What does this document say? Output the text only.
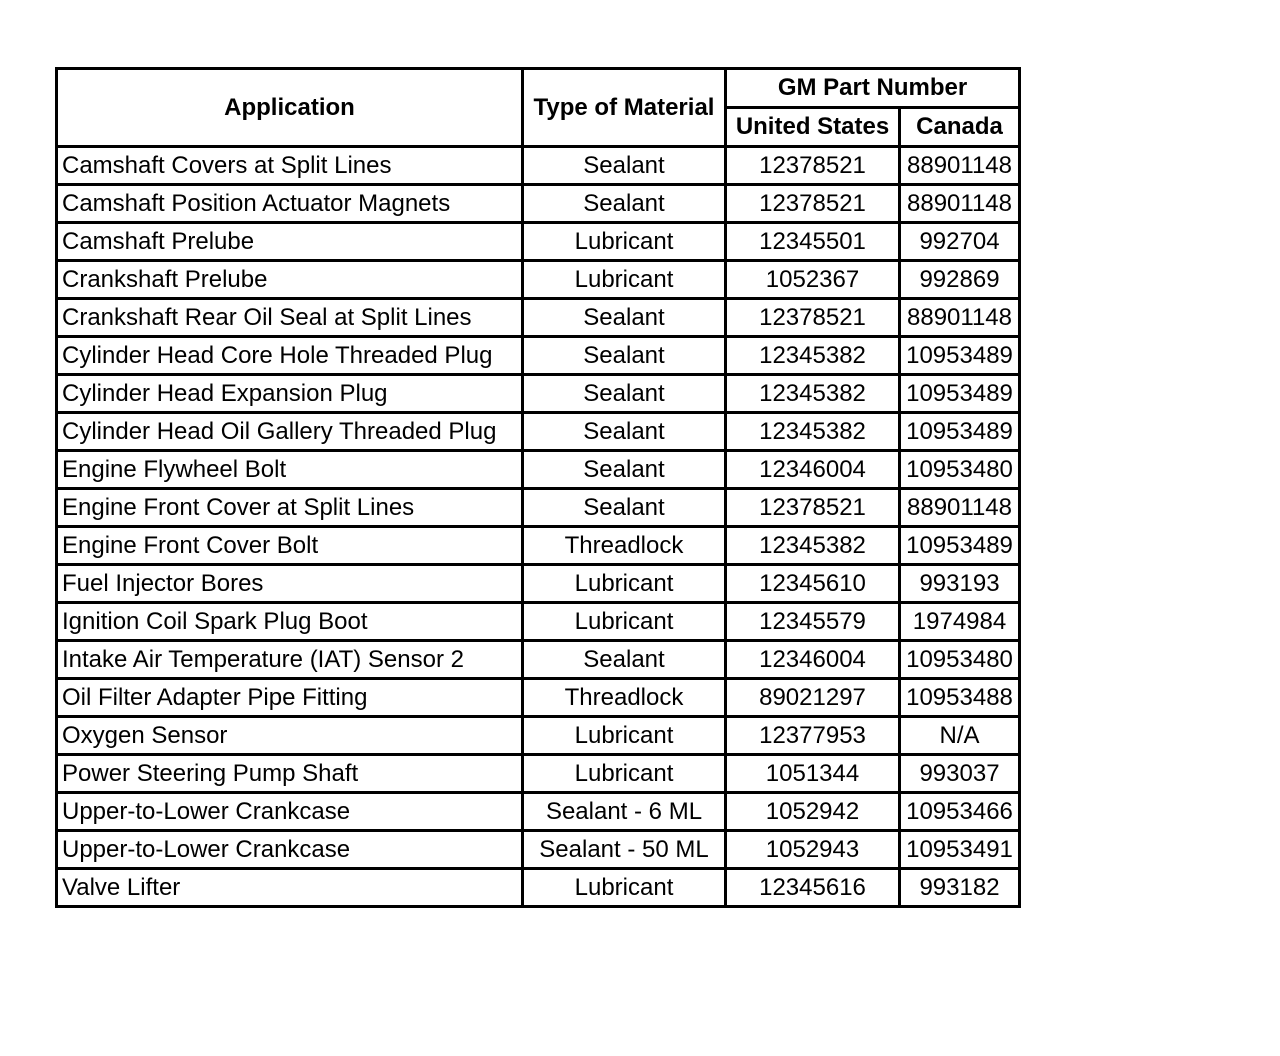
Application	Type of Material	GM Part Number	
		United States	Canada
Camshaft Covers at Split Lines	Sealant	12378521	88901148
Camshaft Position Actuator Magnets	Sealant	12378521	88901148
Camshaft Prelube	Lubricant	12345501	992704
Crankshaft Prelube	Lubricant	1052367	992869
Crankshaft Rear Oil Seal at Split Lines	Sealant	12378521	88901148
Cylinder Head Core Hole Threaded Plug	Sealant	12345382	10953489
Cylinder Head Expansion Plug	Sealant	12345382	10953489
Cylinder Head Oil Gallery Threaded Plug	Sealant	12345382	10953489
Engine Flywheel Bolt	Sealant	12346004	10953480
Engine Front Cover at Split Lines	Sealant	12378521	88901148
Engine Front Cover Bolt	Threadlock	12345382	10953489
Fuel Injector Bores	Lubricant	12345610	993193
Ignition Coil Spark Plug Boot	Lubricant	12345579	1974984
Intake Air Temperature (IAT) Sensor 2	Sealant	12346004	10953480
Oil Filter Adapter Pipe Fitting	Threadlock	89021297	10953488
Oxygen Sensor	Lubricant	12377953	N/A
Power Steering Pump Shaft	Lubricant	1051344	993037
Upper-to-Lower Crankcase	Sealant - 6 ML	1052942	10953466
Upper-to-Lower Crankcase	Sealant - 50 ML	1052943	10953491
Valve Lifter	Lubricant	12345616	993182
